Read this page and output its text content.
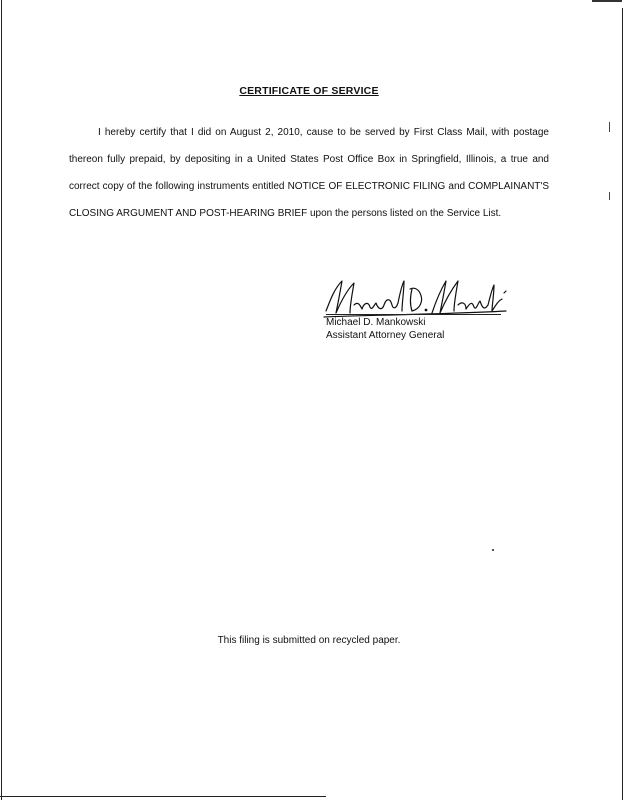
CERTIFICATE OF SERVICE
I hereby certify that I did on August 2, 2010, cause to be served by First Class Mail, with postage thereon fully prepaid, by depositing in a United States Post Office Box in Springfield, Illinois, a true and correct copy of the following instruments entitled NOTICE OF ELECTRONIC FILING and COMPLAINANT'S CLOSING ARGUMENT AND POST-HEARING BRIEF upon the persons listed on the Service List.
Michael D. Mankowski
Assistant Attorney General
This filing is submitted on recycled paper.
